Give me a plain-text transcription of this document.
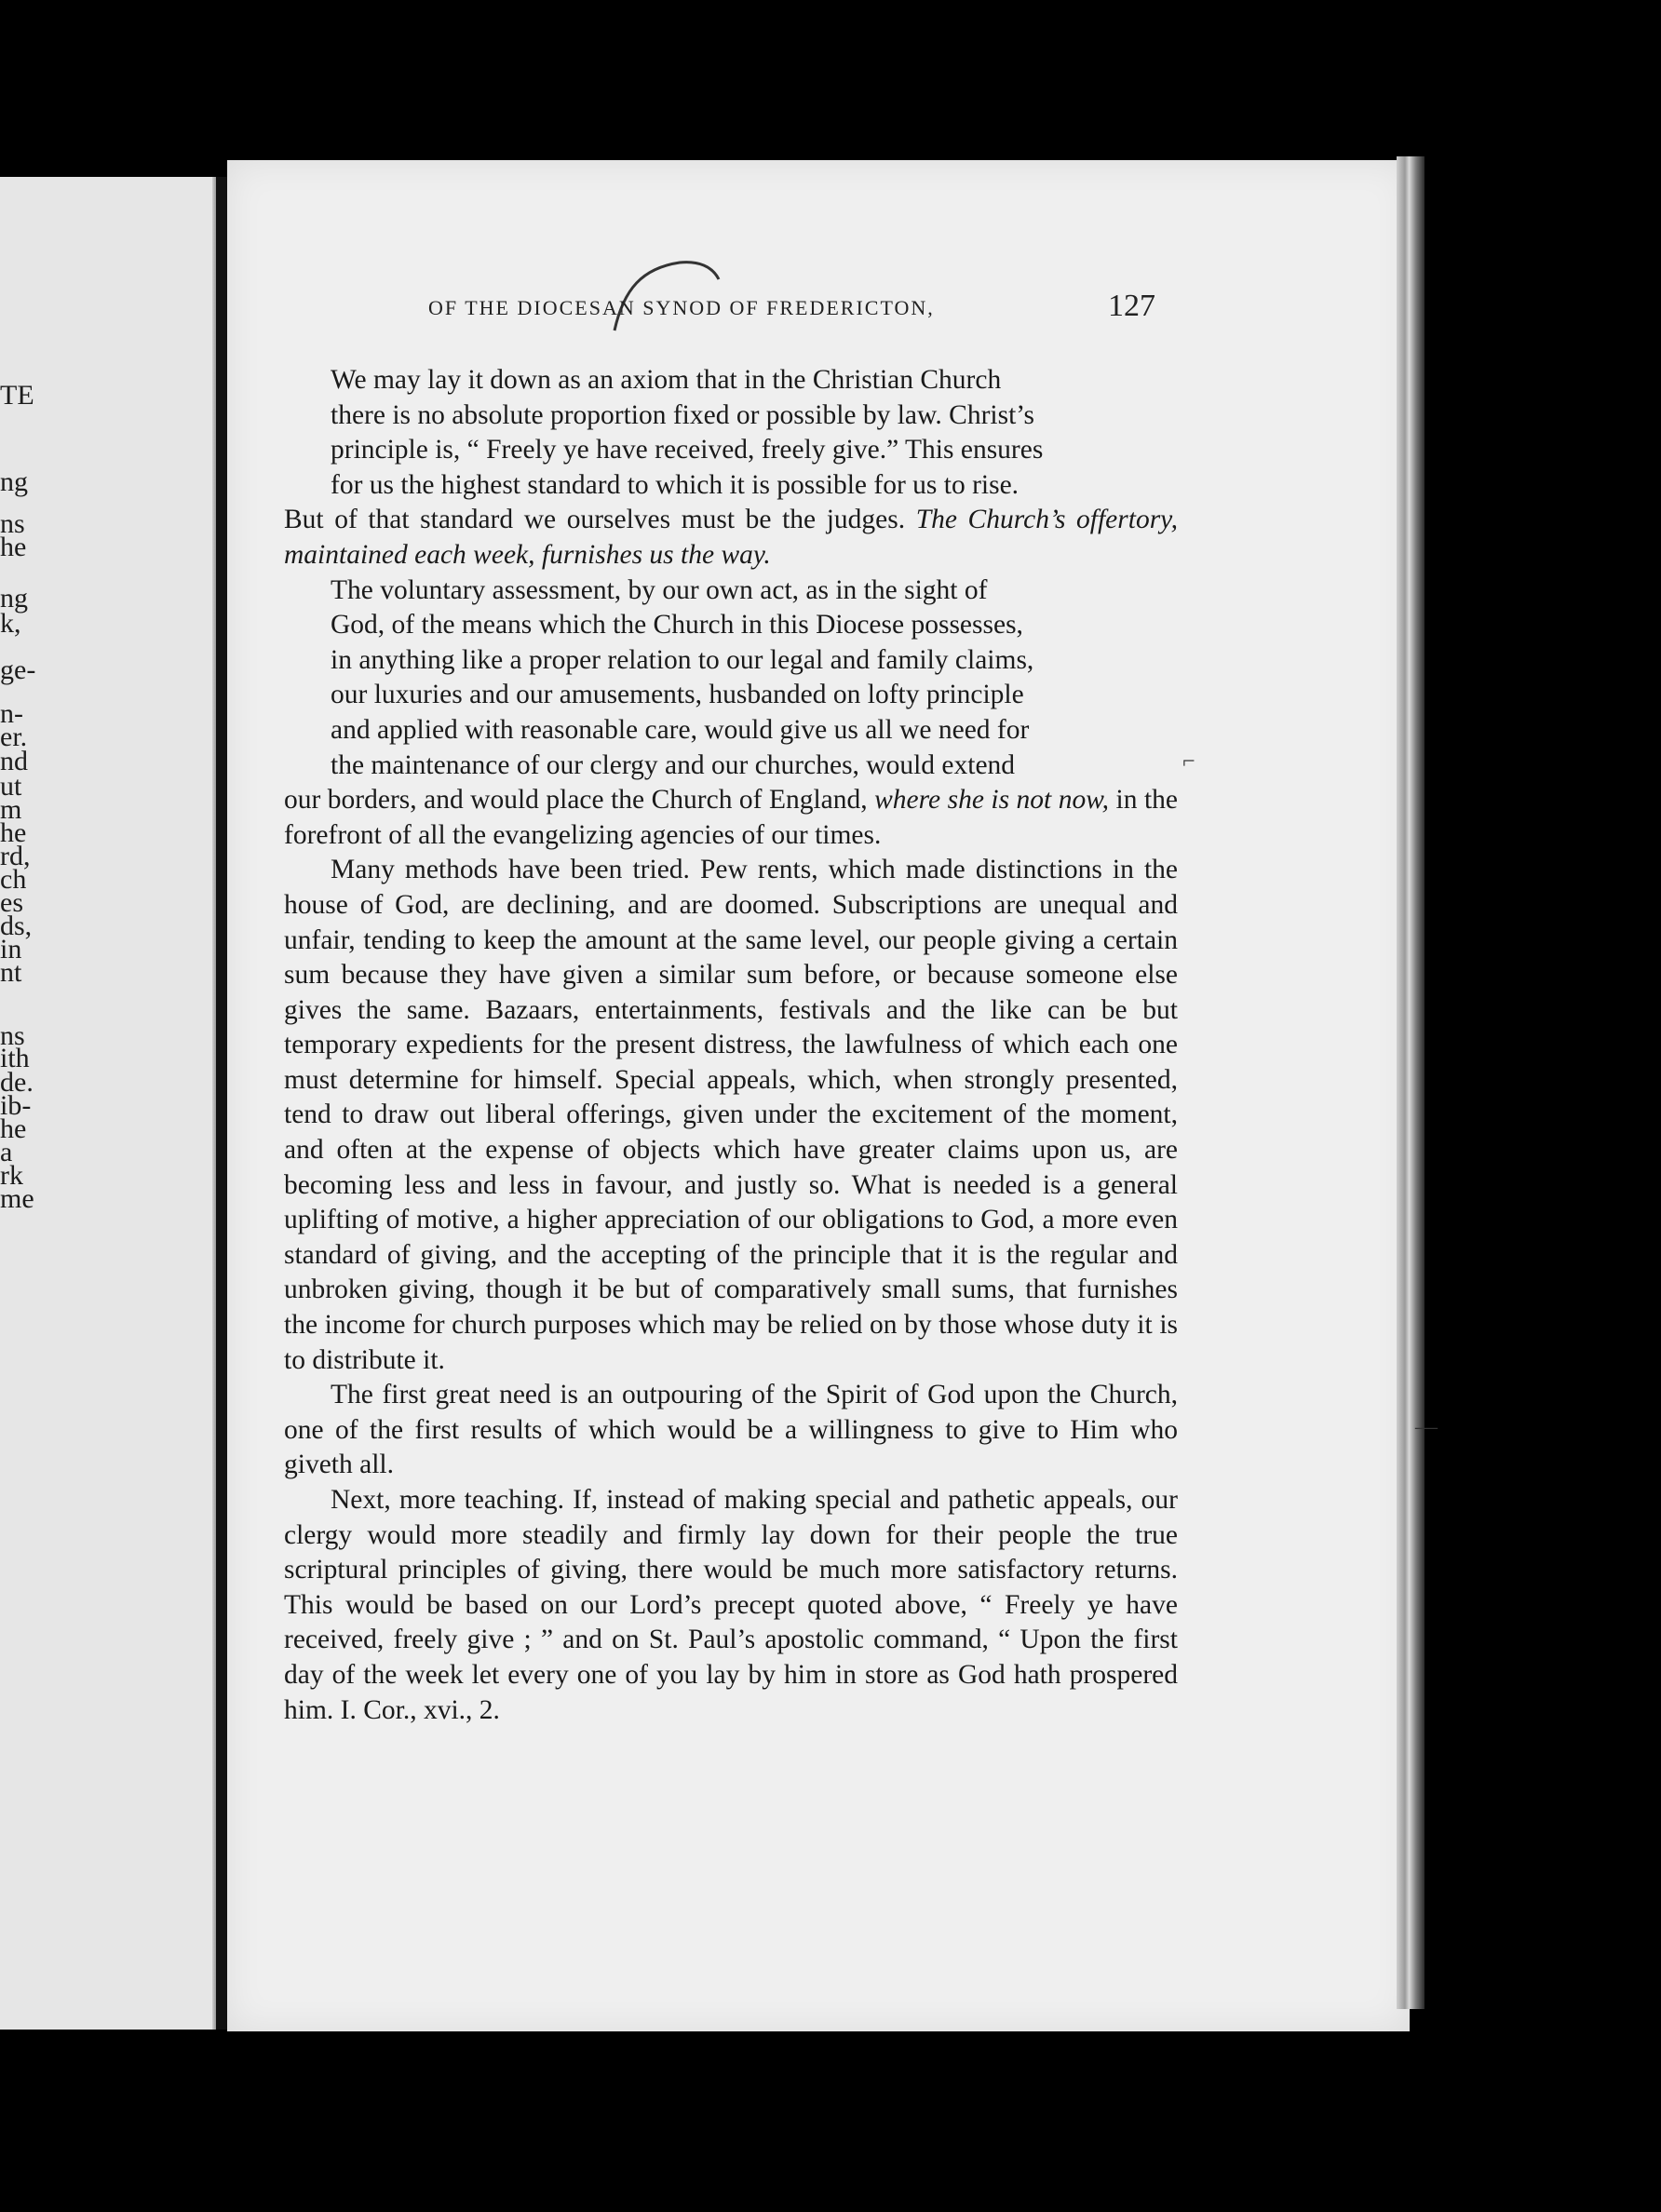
TE
ng
ns
he
ng
k,
ge-
n-
er.
nd
ut
m
he
rd,
ch
es
ds,
in
nt
ns
ith
de.
ib-
he
a
rk
me
OF THE DIOCESAN SYNOD OF FREDERICTON,	127

We may lay it down as an axiom that in the Christian Church
there is no absolute proportion fixed or possible by law. Christ’s
principle is, “ Freely ye have received, freely give.” This ensures
for us the highest standard to which it is possible for us to rise.
But of that standard we ourselves must be the judges. The Church’s offertory, maintained each week, furnishes us the way.

The voluntary assessment, by our own act, as in the sight of
God, of the means which the Church in this Diocese possesses,
in anything like a proper relation to our legal and family claims,
our luxuries and our amusements, husbanded on lofty principle
and applied with reasonable care, would give us all we need for
the maintenance of our clergy and our churches, would extend
our borders, and would place the Church of England, where she is not now, in the forefront of all the evangelizing agencies of our times.

Many methods have been tried. Pew rents, which made distinctions in the house of God, are declining, and are doomed. Subscriptions are unequal and unfair, tending to keep the amount at the same level, our people giving a certain sum because they have given a similar sum before, or because someone else gives the same. Bazaars, entertainments, festivals and the like can be but temporary expedients for the present distress, the lawfulness of which each one must determine for himself. Special appeals, which, when strongly presented, tend to draw out liberal offerings, given under the excitement of the moment, and often at the expense of objects which have greater claims upon us, are becoming less and less in favour, and justly so. What is needed is a general uplifting of motive, a higher appreciation of our obligations to God, a more even standard of giving, and the accepting of the principle that it is the regular and unbroken giving, though it be but of comparatively small sums, that furnishes the income for church purposes which may be relied on by those whose duty it is to distribute it.

The first great need is an outpouring of the Spirit of God upon the Church, one of the first results of which would be a willingness to give to Him who giveth all.

Next, more teaching. If, instead of making special and pathetic appeals, our clergy would more steadily and firmly lay down for their people the true scriptural principles of giving, there would be much more satisfactory returns. This would be based on our Lord’s precept quoted above, “ Freely ye have received, freely give ; ” and on St. Paul’s apostolic command, “ Upon the first day of the week let every one of you lay by him in store as God hath prospered him. I. Cor., xvi., 2.

⌐
—
